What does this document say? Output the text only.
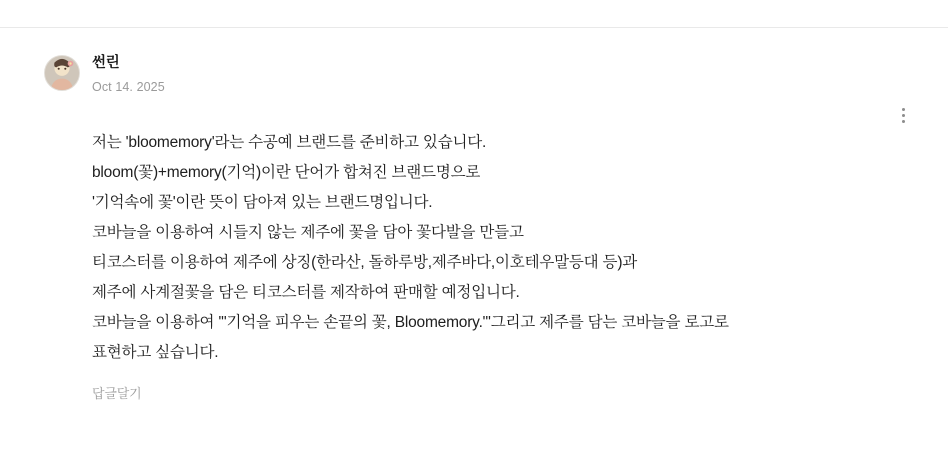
썬린
Oct 14. 2025

저는 'bloomemory'라는 수공예 브랜드를 준비하고 있습니다.

bloom(꽃)+memory(기억)이란 단어가 합쳐진 브랜드명으로

'기억속에 꽃'이란 뜻이 담아져 있는 브랜드명입니다.

코바늘을 이용하여 시들지 않는 제주에 꽃을 담아 꽃다발을 만들고

티코스터를 이용하여 제주에 상징(한라산, 돌하루방,제주바다,이호테우말등대 등)과

제주에 사계절꽃을 담은 티코스터를 제작하여 판매할 예정입니다.

코바늘을 이용하여 '"기억을 피우는 손끝의 꽃, Bloomemory."'그리고 제주를 담는 코바늘을 로고로

표현하고 싶습니다.

답글달기
